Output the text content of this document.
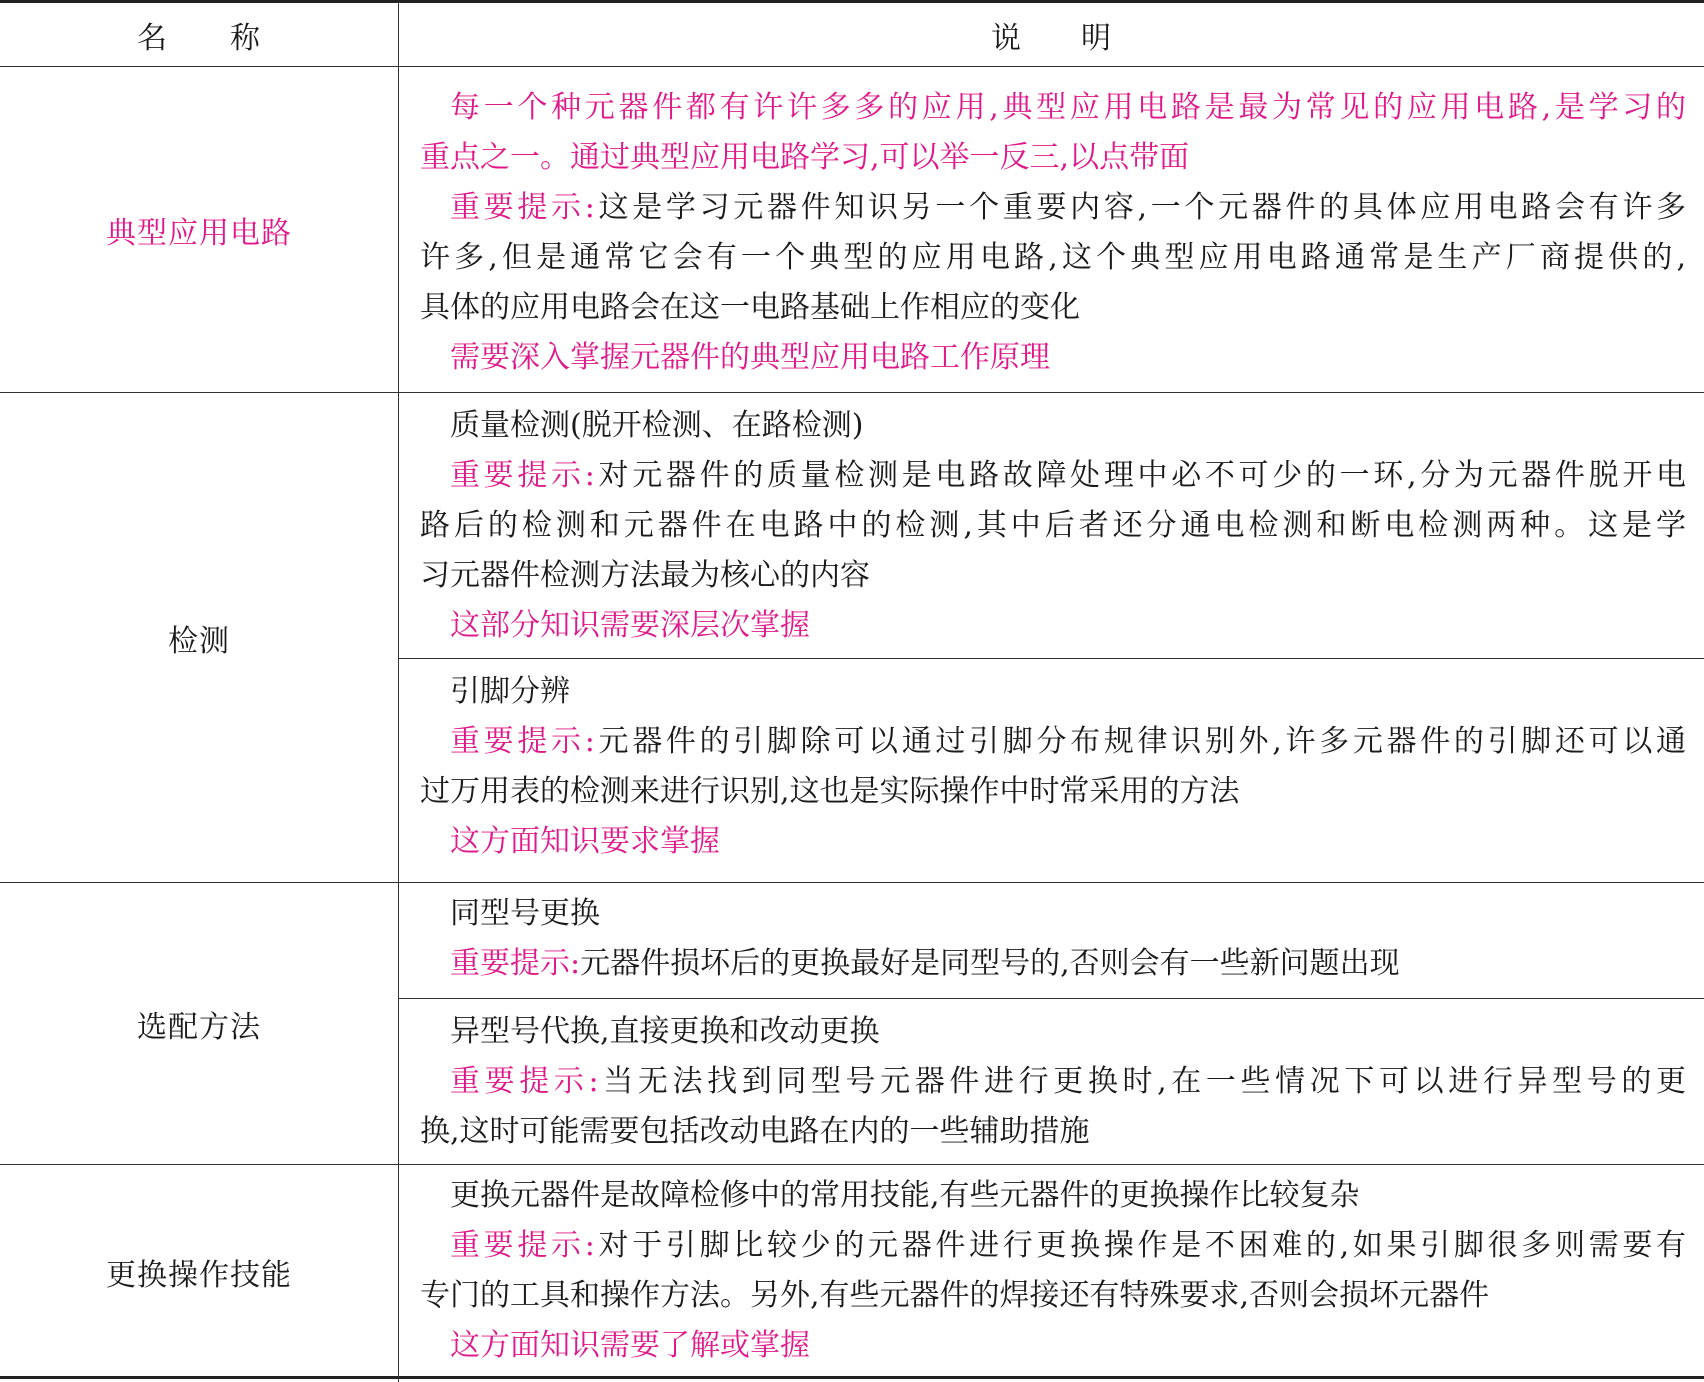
名　　称	说　　明
典型应用电路
每一个种元器件都有许许多多的应用,典型应用电路是最为常见的应用电路,是学习的
重点之一。通过典型应用电路学习,可以举一反三,以点带面
重要提示:这是学习元器件知识另一个重要内容,一个元器件的具体应用电路会有许多
许多,但是通常它会有一个典型的应用电路,这个典型应用电路通常是生产厂商提供的,
具体的应用电路会在这一电路基础上作相应的变化
需要深入掌握元器件的典型应用电路工作原理
检测
质量检测(脱开检测、在路检测)
重要提示:对元器件的质量检测是电路故障处理中必不可少的一环,分为元器件脱开电
路后的检测和元器件在电路中的检测,其中后者还分通电检测和断电检测两种。这是学
习元器件检测方法最为核心的内容
这部分知识需要深层次掌握
引脚分辨
重要提示:元器件的引脚除可以通过引脚分布规律识别外,许多元器件的引脚还可以通
过万用表的检测来进行识别,这也是实际操作中时常采用的方法
这方面知识要求掌握
选配方法
同型号更换
重要提示:元器件损坏后的更换最好是同型号的,否则会有一些新问题出现
异型号代换,直接更换和改动更换
重要提示:当无法找到同型号元器件进行更换时,在一些情况下可以进行异型号的更
换,这时可能需要包括改动电路在内的一些辅助措施
更换操作技能
更换元器件是故障检修中的常用技能,有些元器件的更换操作比较复杂
重要提示:对于引脚比较少的元器件进行更换操作是不困难的,如果引脚很多则需要有
专门的工具和操作方法。另外,有些元器件的焊接还有特殊要求,否则会损坏元器件
这方面知识需要了解或掌握
